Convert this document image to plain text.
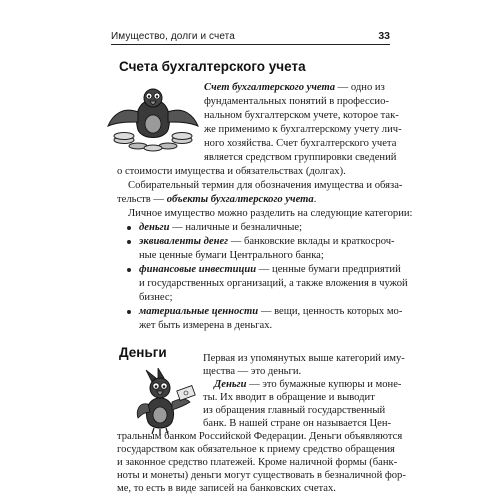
Имущество, долги и счета	33
Счета бухгалтерского учета
Счет бухгалтерского учета — одно из
фундаментальных понятий в профессио-
нальном бухгалтерском учете, которое так-
же применимо к бухгалтерскому учету лич-
ного хозяйства. Счет бухгалтерского учета
является средством группировки сведений
о стоимости имущества и обязательствах (долгах).
Собирательный термин для обозначения имущества и обяза-
тельств — объекты бухгалтерского учета.
Личное имущество можно разделить на следующие категории:
деньги — наличные и безналичные;
эквиваленты денег — банковские вклады и краткосроч-
ные ценные бумаги Центрального банка;
финансовые инвестиции — ценные бумаги предприятий
и государственных организаций, а также вложения в чужой
бизнес;
материальные ценности — вещи, ценность которых мо-
жет быть измерена в деньгах.
Деньги	Первая из упомянутых выше категорий иму-
щества — это деньги.
Деньги — это бумажные купюры и моне-
ты. Их вводит в обращение и выводит
из обращения главный государственный
банк. В нашей стране он называется Цен-
тральным банком Российской Федерации. Деньги объявляются
государством как обязательное к приему средство обращения
и законное средство платежей. Кроме наличной формы (банк-
ноты и монеты) деньги могут существовать в безналичной фор-
ме, то есть в виде записей на банковских счетах.
